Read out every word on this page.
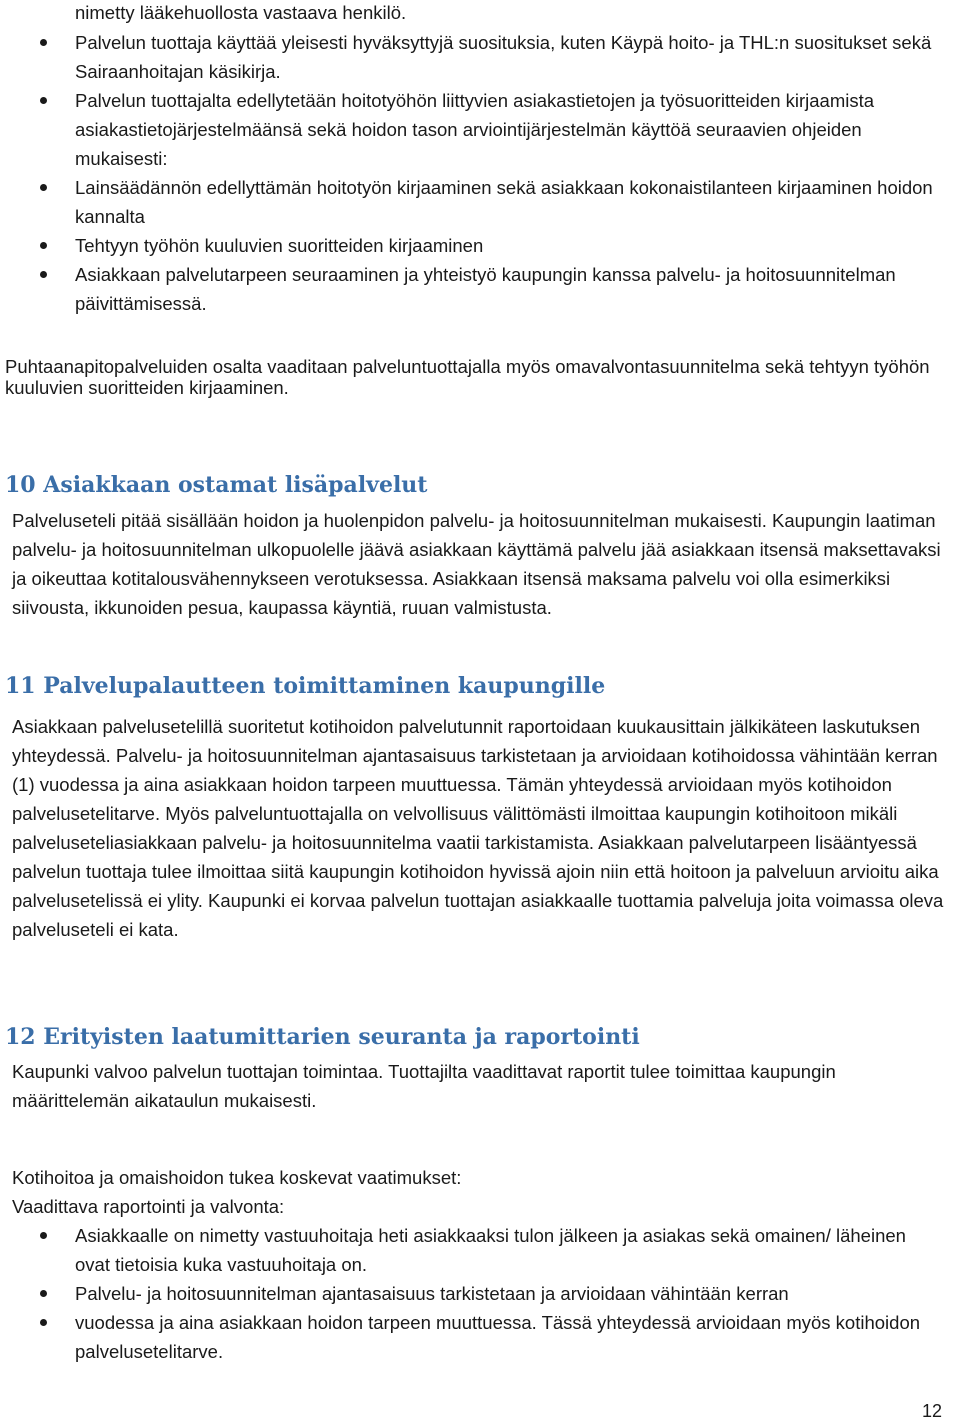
nimetty lääkehuollosta vastaava henkilö.

Palvelun tuottaja käyttää yleisesti hyväksyttyjä suosituksia, kuten Käypä hoito- ja THL:n suositukset sekä Sairaanhoitajan käsikirja.

Palvelun tuottajalta edellytetään hoitotyöhön liittyvien asiakastietojen ja työsuoritteiden kirjaamista asiakastietojärjestelmäänsä sekä hoidon tason arviointijärjestelmän käyttöä seuraavien ohjeiden mukaisesti:

Lainsäädännön edellyttämän hoitotyön kirjaaminen sekä asiakkaan kokonaistilanteen kirjaaminen hoidon kannalta

Tehtyyn työhön kuuluvien suoritteiden kirjaaminen

Asiakkaan palvelutarpeen seuraaminen ja yhteistyö kaupungin kanssa palvelu- ja hoitosuunnitelman päivittämisessä.

Puhtaanapitopalveluiden osalta vaaditaan palveluntuottajalla myös omavalvontasuunnitelma sekä tehtyyn työhön kuuluvien suoritteiden kirjaaminen.

10 Asiakkaan ostamat lisäpalvelut

Palveluseteli pitää sisällään hoidon ja huolenpidon palvelu- ja hoitosuunnitelman mukaisesti. Kaupungin laatiman palvelu- ja hoitosuunnitelman ulkopuolelle jäävä asiakkaan käyttämä palvelu jää asiakkaan itsensä maksettavaksi ja oikeuttaa kotitalousvähennykseen verotuksessa. Asiakkaan itsensä maksama palvelu voi olla esimerkiksi siivousta, ikkunoiden pesua, kaupassa käyntiä, ruuan valmistusta.

11 Palvelupalautteen toimittaminen kaupungille

Asiakkaan palvelusetelillä suoritetut kotihoidon palvelutunnit raportoidaan kuukausittain jälkikäteen laskutuksen yhteydessä. Palvelu- ja hoitosuunnitelman ajantasaisuus tarkistetaan ja arvioidaan kotihoidossa vähintään kerran (1) vuodessa ja aina asiakkaan hoidon tarpeen muuttuessa. Tämän yhteydessä arvioidaan myös kotihoidon palvelusetelitarve. Myös palveluntuottajalla on velvollisuus välittömästi ilmoittaa kaupungin kotihoitoon mikäli palveluseteliasiakkaan palvelu- ja hoitosuunnitelma vaatii tarkistamista. Asiakkaan palvelutarpeen lisääntyessä palvelun tuottaja tulee ilmoittaa siitä kaupungin kotihoidon hyvissä ajoin niin että hoitoon ja palveluun arvioitu aika palvelusetelissä ei ylity. Kaupunki ei korvaa palvelun tuottajan asiakkaalle tuottamia palveluja joita voimassa oleva palveluseteli ei kata.

12 Erityisten laatumittarien seuranta ja raportointi

Kaupunki valvoo palvelun tuottajan toimintaa. Tuottajilta vaadittavat raportit tulee toimittaa kaupungin määrittelemän aikataulun mukaisesti.

Kotihoitoa ja omaishoidon tukea koskevat vaatimukset:

Vaadittava raportointi ja valvonta:

Asiakkaalle on nimetty vastuuhoitaja heti asiakkaaksi tulon jälkeen ja asiakas sekä omainen/ läheinen ovat tietoisia kuka vastuuhoitaja on.

Palvelu- ja hoitosuunnitelman ajantasaisuus tarkistetaan ja arvioidaan vähintään kerran

vuodessa ja aina asiakkaan hoidon tarpeen muuttuessa. Tässä yhteydessä arvioidaan myös kotihoidon palvelusetelitarve.

12
